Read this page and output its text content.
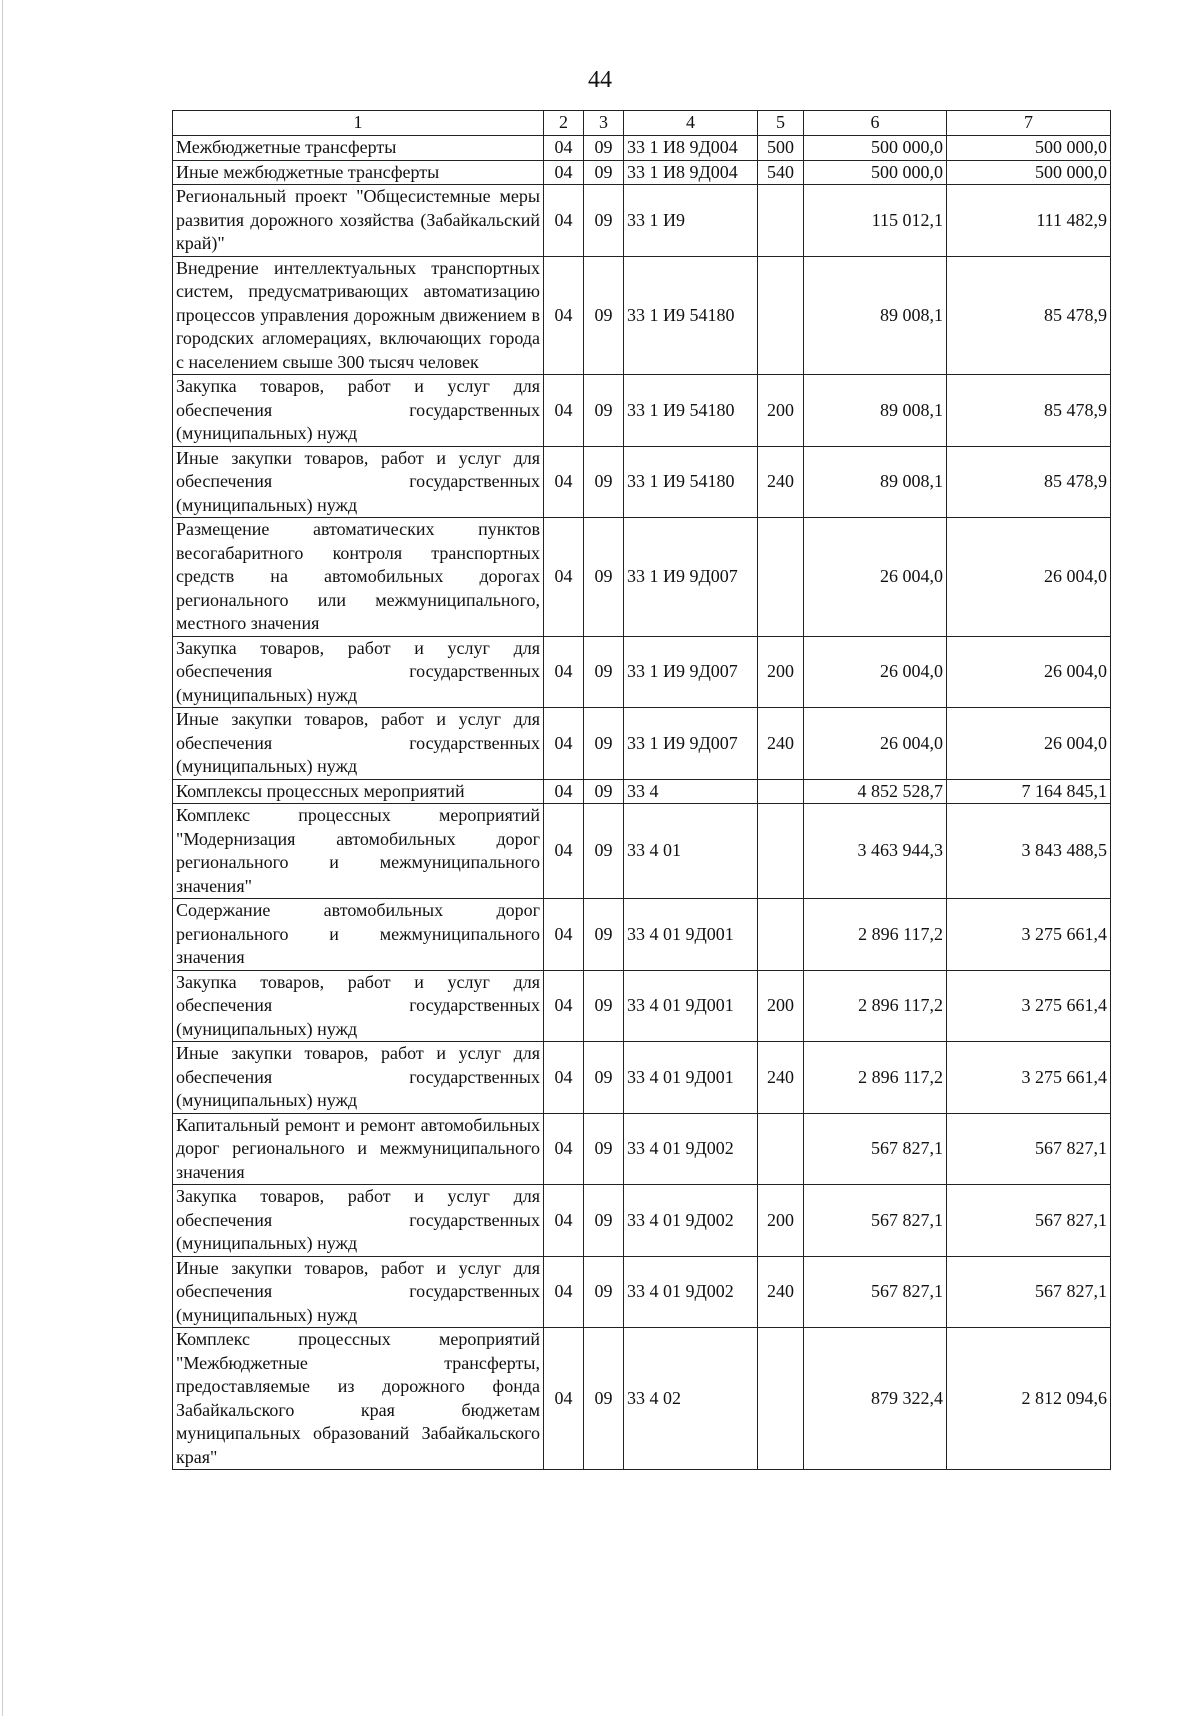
44
1	2	3	4	5	6	7
Межбюджетные трансферты	04	09	33 1 И8 9Д004	500	500 000,0	500 000,0
Иные межбюджетные трансферты	04	09	33 1 И8 9Д004	540	500 000,0	500 000,0
Региональный проект "Общесистемные меры развития дорожного хозяйства (Забайкальский край)"	04	09	33 1 И9		115 012,1	111 482,9
Внедрение интеллектуальных транспортных систем, предусматривающих автоматизацию процессов управления дорожным движением в городских агломерациях, включающих города с населением свыше 300 тысяч человек	04	09	33 1 И9 54180		89 008,1	85 478,9
Закупка товаров, работ и услуг для обеспечения государственных (муниципальных) нужд	04	09	33 1 И9 54180	200	89 008,1	85 478,9
Иные закупки товаров, работ и услуг для обеспечения государственных (муниципальных) нужд	04	09	33 1 И9 54180	240	89 008,1	85 478,9
Размещение автоматических пунктов весогабаритного контроля транспортных средств на автомобильных дорогах регионального или межмуниципального, местного значения	04	09	33 1 И9 9Д007		26 004,0	26 004,0
Закупка товаров, работ и услуг для обеспечения государственных (муниципальных) нужд	04	09	33 1 И9 9Д007	200	26 004,0	26 004,0
Иные закупки товаров, работ и услуг для обеспечения государственных (муниципальных) нужд	04	09	33 1 И9 9Д007	240	26 004,0	26 004,0
Комплексы процессных мероприятий	04	09	33 4		4 852 528,7	7 164 845,1
Комплекс процессных мероприятий "Модернизация автомобильных дорог регионального и межмуниципального значения"	04	09	33 4 01		3 463 944,3	3 843 488,5
Содержание автомобильных дорог регионального и межмуниципального значения	04	09	33 4 01 9Д001		2 896 117,2	3 275 661,4
Закупка товаров, работ и услуг для обеспечения государственных (муниципальных) нужд	04	09	33 4 01 9Д001	200	2 896 117,2	3 275 661,4
Иные закупки товаров, работ и услуг для обеспечения государственных (муниципальных) нужд	04	09	33 4 01 9Д001	240	2 896 117,2	3 275 661,4
Капитальный ремонт и ремонт автомобильных дорог регионального и межмуниципального значения	04	09	33 4 01 9Д002		567 827,1	567 827,1
Закупка товаров, работ и услуг для обеспечения государственных (муниципальных) нужд	04	09	33 4 01 9Д002	200	567 827,1	567 827,1
Иные закупки товаров, работ и услуг для обеспечения государственных (муниципальных) нужд	04	09	33 4 01 9Д002	240	567 827,1	567 827,1
Комплекс процессных мероприятий "Межбюджетные трансферты, предоставляемые из дорожного фонда Забайкальского края бюджетам муниципальных образований Забайкальского края"	04	09	33 4 02		879 322,4	2 812 094,6
